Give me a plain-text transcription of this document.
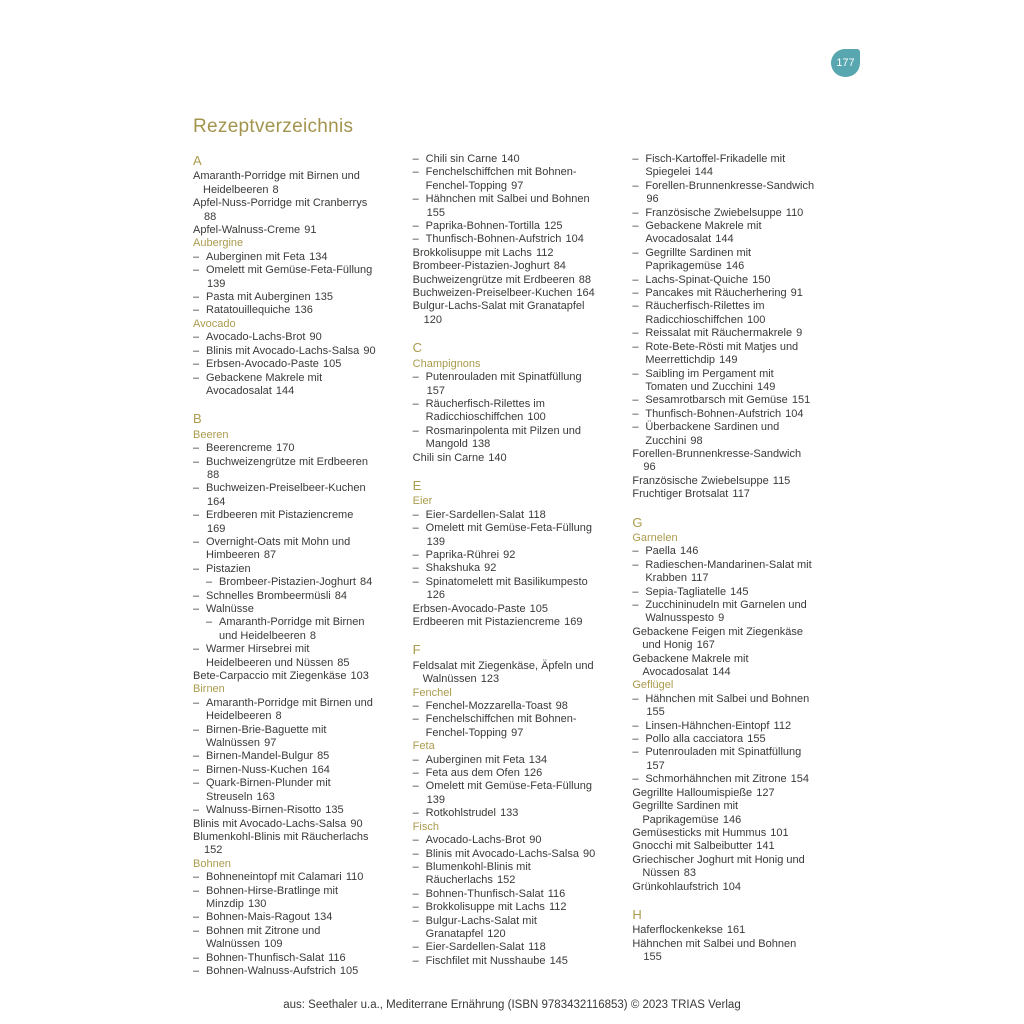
177
Rezeptverzeichnis
A
Amaranth-Porridge mit Birnen und Heidelbeeren 8
Apfel-Nuss-Porridge mit Cranberrys 88
Apfel-Walnuss-Creme 91
Aubergine
– Auberginen mit Feta 134
– Omelett mit Gemüse-Feta-Füllung 139
– Pasta mit Auberginen 135
– Ratatouillequiche 136
Avocado
– Avocado-Lachs-Brot 90
– Blinis mit Avocado-Lachs-Salsa 90
– Erbsen-Avocado-Paste 105
– Gebackene Makrele mit Avocadosalat 144
B
Beeren
– Beerencreme 170
– Buchweizengrütze mit Erdbeeren 88
– Buchweizen-Preiselbeer-Kuchen 164
– Erdbeeren mit Pistaziencreme 169
– Overnight-Oats mit Mohn und Himbeeren 87
– Pistazien
– Brombeer-Pistazien-Joghurt 84
– Schnelles Brombeermüsli 84
– Walnüsse
– Amaranth-Porridge mit Birnen und Heidelbeeren 8
– Warmer Hirsebrei mit Heidelbeeren und Nüssen 85
Bete-Carpaccio mit Ziegenkäse 103
Birnen
– Amaranth-Porridge mit Birnen und Heidelbeeren 8
– Birnen-Brie-Baguette mit Walnüssen 97
– Birnen-Mandel-Bulgur 85
– Birnen-Nuss-Kuchen 164
– Quark-Birnen-Plunder mit Streuseln 163
– Walnuss-Birnen-Risotto 135
Blinis mit Avocado-Lachs-Salsa 90
Blumenkohl-Blinis mit Räucherlachs 152
Bohnen
– Bohneneintopf mit Calamari 110
– Bohnen-Hirse-Bratlinge mit Minzdip 130
– Bohnen-Mais-Ragout 134
– Bohnen mit Zitrone und Walnüssen 109
– Bohnen-Thunfisch-Salat 116
– Bohnen-Walnuss-Aufstrich 105
– Chili sin Carne 140
– Fenchelschiffchen mit Bohnen-Fenchel-Topping 97
– Hähnchen mit Salbei und Bohnen 155
– Paprika-Bohnen-Tortilla 125
– Thunfisch-Bohnen-Aufstrich 104
Brokkolisuppe mit Lachs 112
Brombeer-Pistazien-Joghurt 84
Buchweizengrütze mit Erdbeeren 88
Buchweizen-Preiselbeer-Kuchen 164
Bulgur-Lachs-Salat mit Granatapfel 120
C
Champignons
– Putenrouladen mit Spinatfüllung 157
– Räucherfisch-Rilettes im Radicchioschiffchen 100
– Rosmarinpolenta mit Pilzen und Mangold 138
Chili sin Carne 140
E
Eier
– Eier-Sardellen-Salat 118
– Omelett mit Gemüse-Feta-Füllung 139
– Paprika-Rührei 92
– Shakshuka 92
– Spinatomelett mit Basilikumpesto 126
Erbsen-Avocado-Paste 105
Erdbeeren mit Pistaziencreme 169
F
Feldsalat mit Ziegenkäse, Äpfeln und Walnüssen 123
Fenchel
– Fenchel-Mozzarella-Toast 98
– Fenchelschiffchen mit Bohnen-Fenchel-Topping 97
Feta
– Auberginen mit Feta 134
– Feta aus dem Ofen 126
– Omelett mit Gemüse-Feta-Füllung 139
– Rotkohlstrudel 133
Fisch
– Avocado-Lachs-Brot 90
– Blinis mit Avocado-Lachs-Salsa 90
– Blumenkohl-Blinis mit Räucherlachs 152
– Bohnen-Thunfisch-Salat 116
– Brokkolisuppe mit Lachs 112
– Bulgur-Lachs-Salat mit Granatapfel 120
– Eier-Sardellen-Salat 118
– Fischfilet mit Nusshaube 145
– Fisch-Kartoffel-Frikadelle mit Spiegelei 144
– Forellen-Brunnenkresse-Sandwich 96
– Französische Zwiebelsuppe 110
– Gebackene Makrele mit Avocadosalat 144
– Gegrillte Sardinen mit Paprikagemüse 146
– Lachs-Spinat-Quiche 150
– Pancakes mit Räucherhering 91
– Räucherfisch-Rilettes im Radicchioschiffchen 100
– Reissalat mit Räuchermakrele 9
– Rote-Bete-Rösti mit Matjes und Meerrettichdip 149
– Saibling im Pergament mit Tomaten und Zucchini 149
– Sesamrotbarsch mit Gemüse 151
– Thunfisch-Bohnen-Aufstrich 104
– Überbackene Sardinen und Zucchini 98
Forellen-Brunnenkresse-Sandwich 96
Französische Zwiebelsuppe 115
Fruchtiger Brotsalat 117
G
Garnelen
– Paella 146
– Radieschen-Mandarinen-Salat mit Krabben 117
– Sepia-Tagliatelle 145
– Zucchininudeln mit Garnelen und Walnusspesto 9
Gebackene Feigen mit Ziegenkäse und Honig 167
Gebackene Makrele mit Avocadosalat 144
Geflügel
– Hähnchen mit Salbei und Bohnen 155
– Linsen-Hähnchen-Eintopf 112
– Pollo alla cacciatora 155
– Putenrouladen mit Spinatfüllung 157
– Schmorhähnchen mit Zitrone 154
Gegrillte Halloumispieße 127
Gegrillte Sardinen mit Paprikagemüse 146
Gemüsesticks mit Hummus 101
Gnocchi mit Salbeibutter 141
Griechischer Joghurt mit Honig und Nüssen 83
Grünkohlaufstrich 104
H
Haferflockenkekse 161
Hähnchen mit Salbei und Bohnen 155
aus: Seethaler u.a., Mediterrane Ernährung (ISBN 9783432116853) © 2023 TRIAS Verlag
